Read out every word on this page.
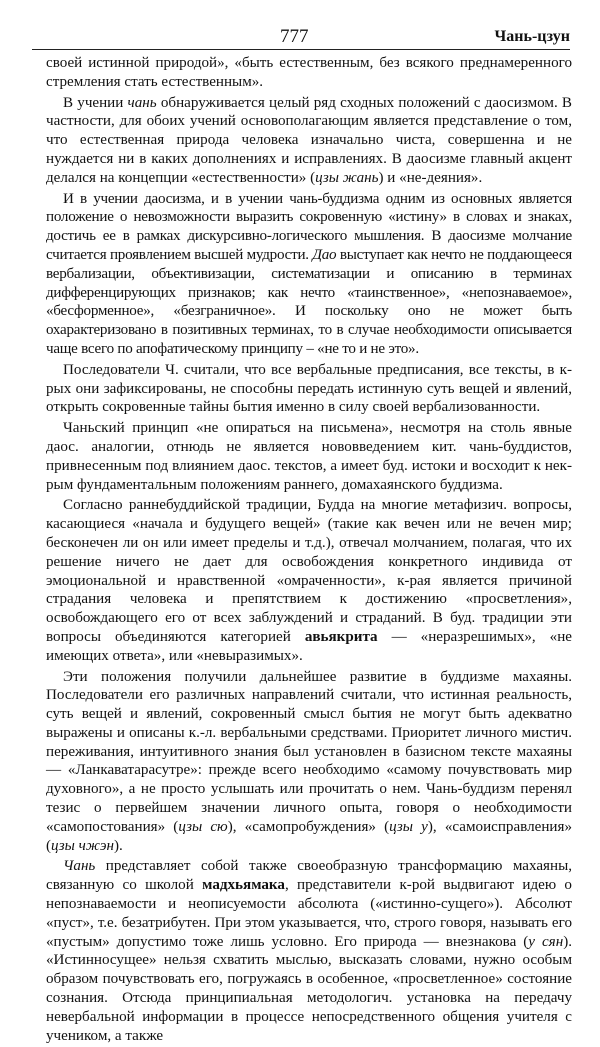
777	Чань-цзун

своей истинной природой», «быть естественным, без всякого преднамеренного стремления стать естественным».

В учении чань обнаруживается целый ряд сходных положений с даосизмом. В частности, для обоих учений основополагающим является представление о том, что естественная природа человека изначально чиста, совершенна и не нуждается ни в каких дополнениях и исправлениях. В даосизме главный акцент делался на концепции «естественности» (цзы жань) и «не-деяния».

И в учении даосизма, и в учении чань-буддизма одним из основных является положение о невозможности выразить сокровенную «истину» в словах и знаках, достичь ее в рамках дискурсивно-логического мышления. В даосизме молчание считается проявлением высшей мудрости. Дао выступает как нечто не поддающееся вербализации, объективизации, систематизации и описанию в терминах дифференцирующих признаков; как нечто «таинственное», «непознаваемое», «бесформенное», «безграничное». И поскольку оно не может быть охарактеризовано в позитивных терминах, то в случае необходимости описывается чаще всего по апофатическому принципу – «не то и не это».

Последователи Ч. считали, что все вербальные предписания, все тексты, в к-рых они зафиксированы, не способны передать истинную суть вещей и явлений, открыть сокровенные тайны бытия именно в силу своей вербализованности.

Чаньский принцип «не опираться на письмена», несмотря на столь явные даос. аналогии, отнюдь не является нововведением кит. чань-буддистов, привнесенным под влиянием даос. текстов, а имеет буд. истоки и восходит к нек-рым фундаментальным положениям раннего, домахаянского буддизма.

Согласно раннебуддийской традиции, Будда на многие метафизич. вопросы, касающиеся «начала и будущего вещей» (такие как вечен или не вечен мир; бесконечен ли он или имеет пределы и т.д.), отвечал молчанием, полагая, что их решение ничего не дает для освобождения конкретного индивида от эмоциональной и нравственной «омраченности», к-рая является причиной страдания человека и препятствием к достижению «просветления», освобождающего его от всех заблуждений и страданий. В буд. традиции эти вопросы объединяются категорией авьякрита — «неразрешимых», «не имеющих ответа», или «невыразимых».

Эти положения получили дальнейшее развитие в буддизме махаяны. Последователи его различных направлений считали, что истинная реальность, суть вещей и явлений, сокровенный смысл бытия не могут быть адекватно выражены и описаны к.-л. вербальными средствами. Приоритет личного мистич. переживания, интуитивного знания был установлен в базисном тексте махаяны — «Ланкаватарасутре»: прежде всего необходимо «самому почувствовать мир духовного», а не просто услышать или прочитать о нем. Чань-буддизм перенял тезис о первейшем значении личного опыта, говоря о необходимости «самопостования» (цзы сю), «самопробуждения» (цзы у), «самоисправления» (цзы чжэн).

Чань представляет собой также своеобразную трансформацию махаяны, связанную со школой мадхьямака, представители к-рой выдвигают идею о непознаваемости и неописуемости абсолюта («истинно-сущего»). Абсолют «пуст», т.е. безатрибутен. При этом указывается, что, строго говоря, называть его «пустым» допустимо тоже лишь условно. Его природа — внезнакова (у сян). «Истинносущее» нельзя схватить мыслью, высказать словами, нужно особым образом почувствовать его, погружаясь в особенное, «просветленное» состояние сознания. Отсюда принципиальная методологич. установка на передачу невербальной информации в процессе непосредственного общения учителя с учеником, а также
